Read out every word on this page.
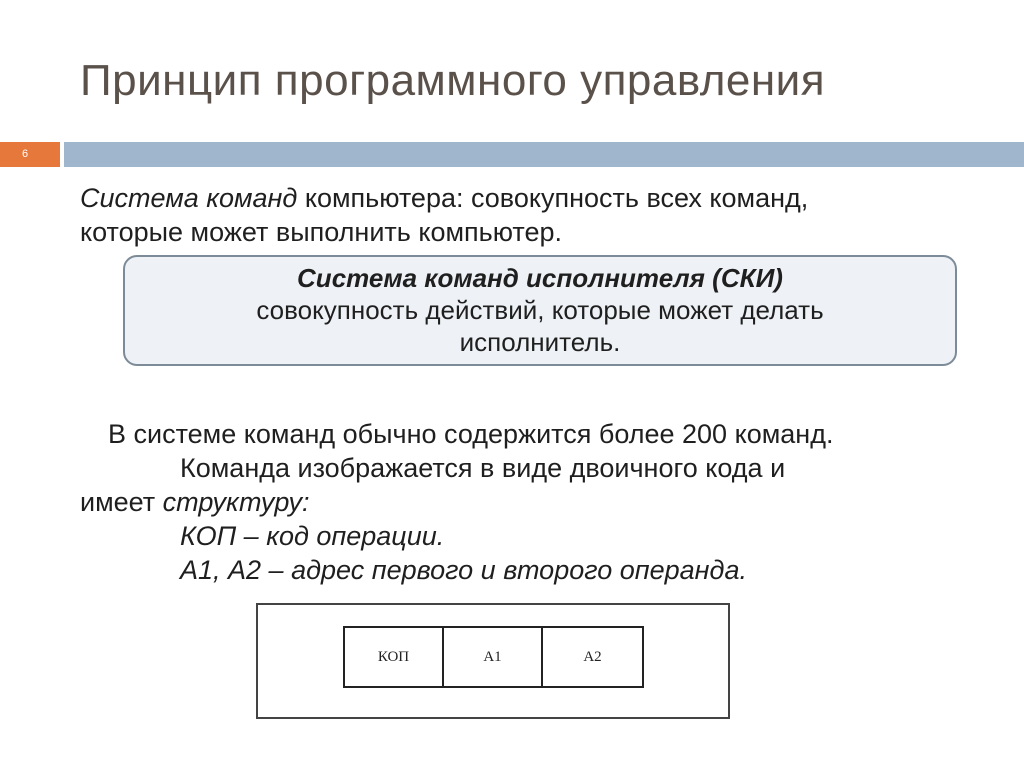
Принцип программного управления
6
Система команд компьютера: совокупность всех команд,
которые может выполнить компьютер.
Система команд исполнителя (СКИ)
совокупность действий, которые может делать
исполнитель.
В системе команд обычно содержится более 200 команд.
Команда изображается в виде двоичного кода и
имеет структуру:
КОП – код операции.
А1, А2 – адрес первого и второго операнда.
КОП	А1	А2
